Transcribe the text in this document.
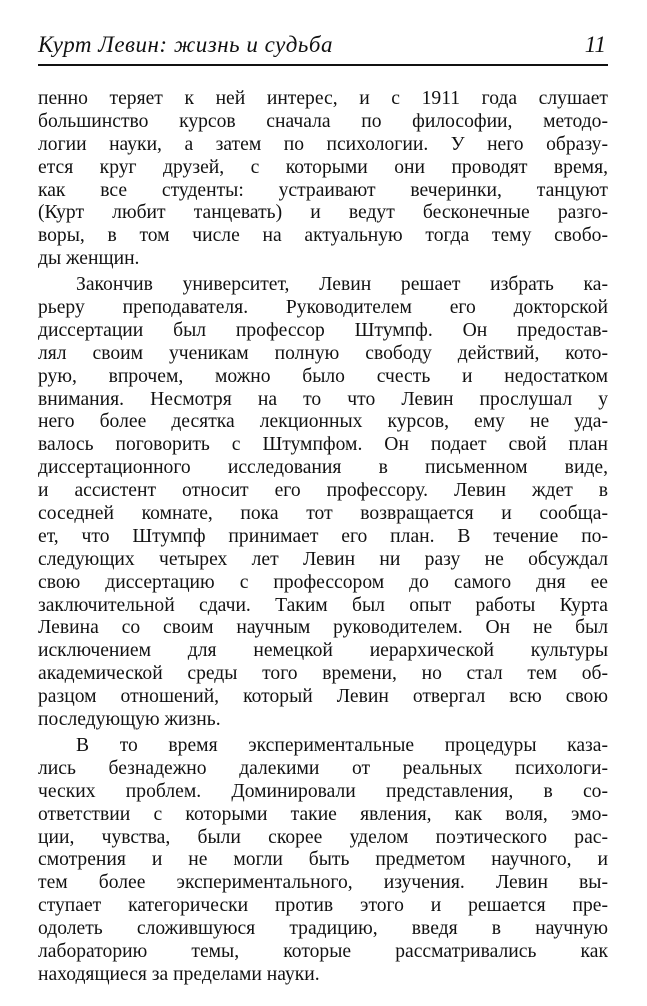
Курт Левин: жизнь и судьба	11
пенно теряет к ней интерес, и с 1911 года слушает
большинство курсов сначала по философии, методо-
логии науки, а затем по психологии. У него образу-
ется круг друзей, с которыми они проводят время,
как все студенты: устраивают вечеринки, танцуют
(Курт любит танцевать) и ведут бесконечные разго-
воры, в том числе на актуальную тогда тему свобо-
ды женщин.
Закончив университет, Левин решает избрать ка-
рьеру преподавателя. Руководителем его докторской
диссертации был профессор Штумпф. Он предостав-
лял своим ученикам полную свободу действий, кото-
рую, впрочем, можно было счесть и недостатком
внимания. Несмотря на то что Левин прослушал у
него более десятка лекционных курсов, ему не уда-
валось поговорить с Штумпфом. Он подает свой план
диссертационного исследования в письменном виде,
и ассистент относит его профессору. Левин ждет в
соседней комнате, пока тот возвращается и сообща-
ет, что Штумпф принимает его план. В течение по-
следующих четырех лет Левин ни разу не обсуждал
свою диссертацию с профессором до самого дня ее
заключительной сдачи. Таким был опыт работы Курта
Левина со своим научным руководителем. Он не был
исключением для немецкой иерархической культуры
академической среды того времени, но стал тем об-
разцом отношений, который Левин отвергал всю свою
последующую жизнь.
В то время экспериментальные процедуры каза-
лись безнадежно далекими от реальных психологи-
ческих проблем. Доминировали представления, в со-
ответствии с которыми такие явления, как воля, эмо-
ции, чувства, были скорее уделом поэтического рас-
смотрения и не могли быть предметом научного, и
тем более экспериментального, изучения. Левин вы-
ступает категорически против этого и решается пре-
одолеть сложившуюся традицию, введя в научную
лабораторию темы, которые рассматривались как
находящиеся за пределами науки.
